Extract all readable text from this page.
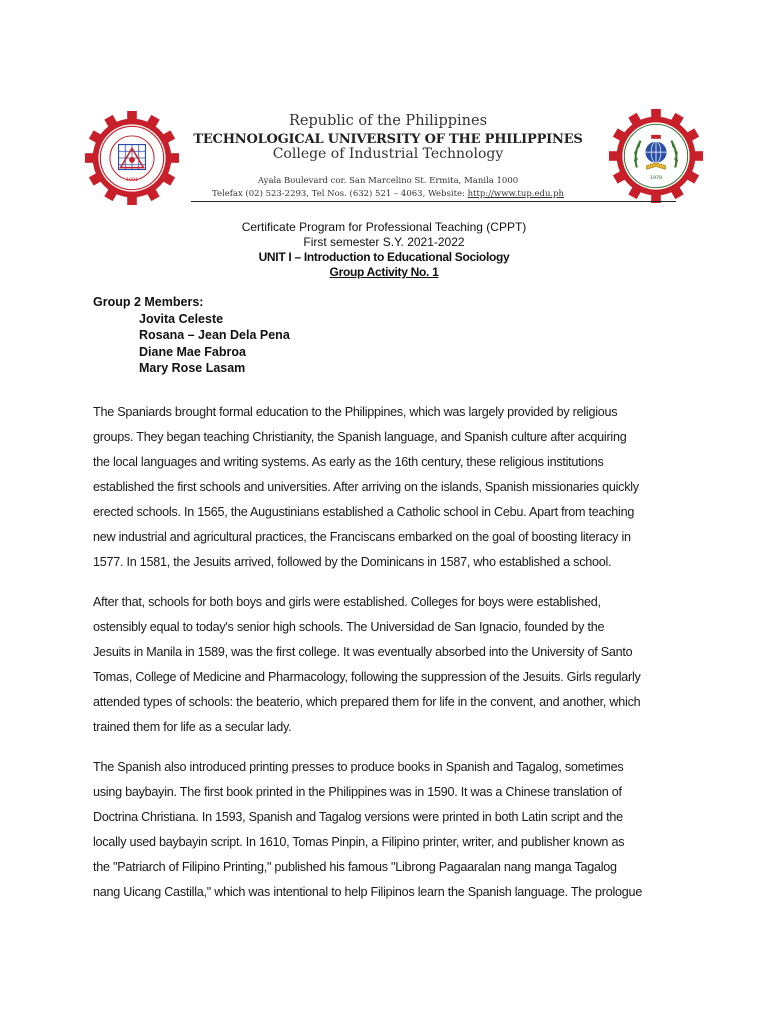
1901	1978
Republic of the Philippines
TECHNOLOGICAL UNIVERSITY OF THE PHILIPPINES
College of Industrial Technology
Ayala Boulevard cor. San Marcelino St. Ermita, Manila 1000
Telefax (02) 523-2293, Tel Nos. (632) 521 – 4063, Website: http://www.tup.edu.ph
Certificate Program for Professional Teaching (CPPT)
First semester S.Y. 2021-2022
UNIT I – Introduction to Educational Sociology
Group Activity No. 1
Group 2 Members:
Jovita Celeste
Rosana – Jean Dela Pena
Diane Mae Fabroa
Mary Rose Lasam
The Spaniards brought formal education to the Philippines, which was largely provided by religious
groups. They began teaching Christianity, the Spanish language, and Spanish culture after acquiring
the local languages and writing systems. As early as the 16th century, these religious institutions
established the first schools and universities. After arriving on the islands, Spanish missionaries quickly
erected schools. In 1565, the Augustinians established a Catholic school in Cebu. Apart from teaching
new industrial and agricultural practices, the Franciscans embarked on the goal of boosting literacy in
1577. In 1581, the Jesuits arrived, followed by the Dominicans in 1587, who established a school.
After that, schools for both boys and girls were established. Colleges for boys were established,
ostensibly equal to today's senior high schools. The Universidad de San Ignacio, founded by the
Jesuits in Manila in 1589, was the first college. It was eventually absorbed into the University of Santo
Tomas, College of Medicine and Pharmacology, following the suppression of the Jesuits. Girls regularly
attended types of schools: the beaterio, which prepared them for life in the convent, and another, which
trained them for life as a secular lady.
The Spanish also introduced printing presses to produce books in Spanish and Tagalog, sometimes
using baybayin. The first book printed in the Philippines was in 1590. It was a Chinese translation of
Doctrina Christiana. In 1593, Spanish and Tagalog versions were printed in both Latin script and the
locally used baybayin script. In 1610, Tomas Pinpin, a Filipino printer, writer, and publisher known as
the "Patriarch of Filipino Printing," published his famous "Librong Pagaaralan nang manga Tagalog
nang Uicang Castilla," which was intentional to help Filipinos learn the Spanish language. The prologue
